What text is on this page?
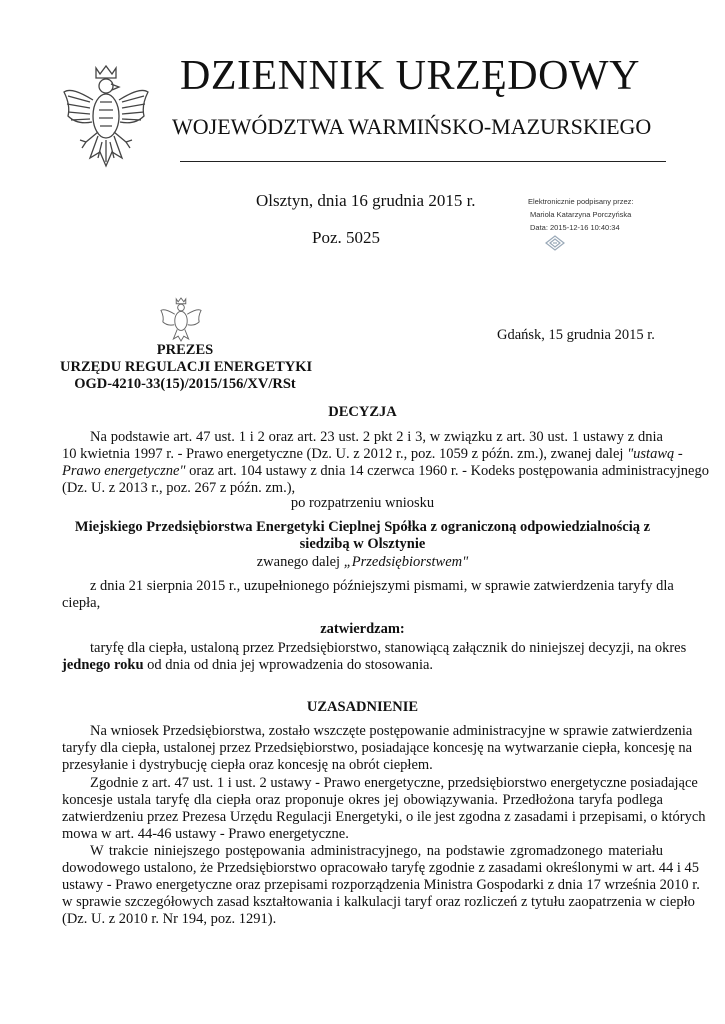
DZIENNIK URZĘDOWY
WOJEWÓDZTWA WARMIŃSKO-MAZURSKIEGO
Olsztyn, dnia 16 grudnia 2015 r.
Poz. 5025
Elektronicznie podpisany przez:
Mariola Katarzyna Porczyńska
Data: 2015-12-16 10:40:34
Gdańsk, 15 grudnia 2015 r.
PREZES
URZĘDU REGULACJI ENERGETYKI
OGD-4210-33(15)/2015/156/XV/RSt
DECYZJA
Na podstawie art. 47 ust. 1 i 2 oraz art. 23 ust. 2 pkt 2 i 3, w związku z art. 30 ust. 1 ustawy z dnia
10 kwietnia 1997 r. - Prawo energetyczne (Dz. U. z 2012 r., poz. 1059 z późn. zm.), zwanej dalej "ustawą -
Prawo energetyczne" oraz art. 104 ustawy z dnia 14 czerwca 1960 r. - Kodeks postępowania administracyjnego
(Dz. U. z 2013 r., poz. 267 z późn. zm.),
po rozpatrzeniu wniosku
Miejskiego Przedsiębiorstwa Energetyki Cieplnej Spółka z ograniczoną odpowiedzialnością z
siedzibą w Olsztynie
zwanego dalej „Przedsiębiorstwem"
z dnia 21 sierpnia 2015 r., uzupełnionego późniejszymi pismami, w sprawie zatwierdzenia taryfy dla
ciepła,
zatwierdzam:
taryfę dla ciepła, ustaloną przez Przedsiębiorstwo, stanowiącą załącznik do niniejszej decyzji, na okres
jednego roku od dnia od dnia jej wprowadzenia do stosowania.
UZASADNIENIE
Na wniosek Przedsiębiorstwa, zostało wszczęte postępowanie administracyjne w sprawie zatwierdzenia
taryfy dla ciepła, ustalonej przez Przedsiębiorstwo, posiadające koncesję na wytwarzanie ciepła, koncesję na
przesyłanie i dystrybucję ciepła oraz koncesję na obrót ciepłem.
Zgodnie z art. 47 ust. 1 i ust. 2 ustawy - Prawo energetyczne, przedsiębiorstwo energetyczne posiadające
koncesje ustala taryfę dla ciepła oraz proponuje okres jej obowiązywania. Przedłożona taryfa podlega
zatwierdzeniu przez Prezesa Urzędu Regulacji Energetyki, o ile jest zgodna z zasadami i przepisami, o których
mowa w art. 44-46 ustawy - Prawo energetyczne.
W trakcie niniejszego postępowania administracyjnego, na podstawie zgromadzonego materiału
dowodowego ustalono, że Przedsiębiorstwo opracowało taryfę zgodnie z zasadami określonymi w art. 44 i 45
ustawy - Prawo energetyczne oraz przepisami rozporządzenia Ministra Gospodarki z dnia 17 września 2010 r.
w sprawie szczegółowych zasad kształtowania i kalkulacji taryf oraz rozliczeń z tytułu zaopatrzenia w ciepło
(Dz. U. z 2010 r. Nr 194, poz. 1291).
